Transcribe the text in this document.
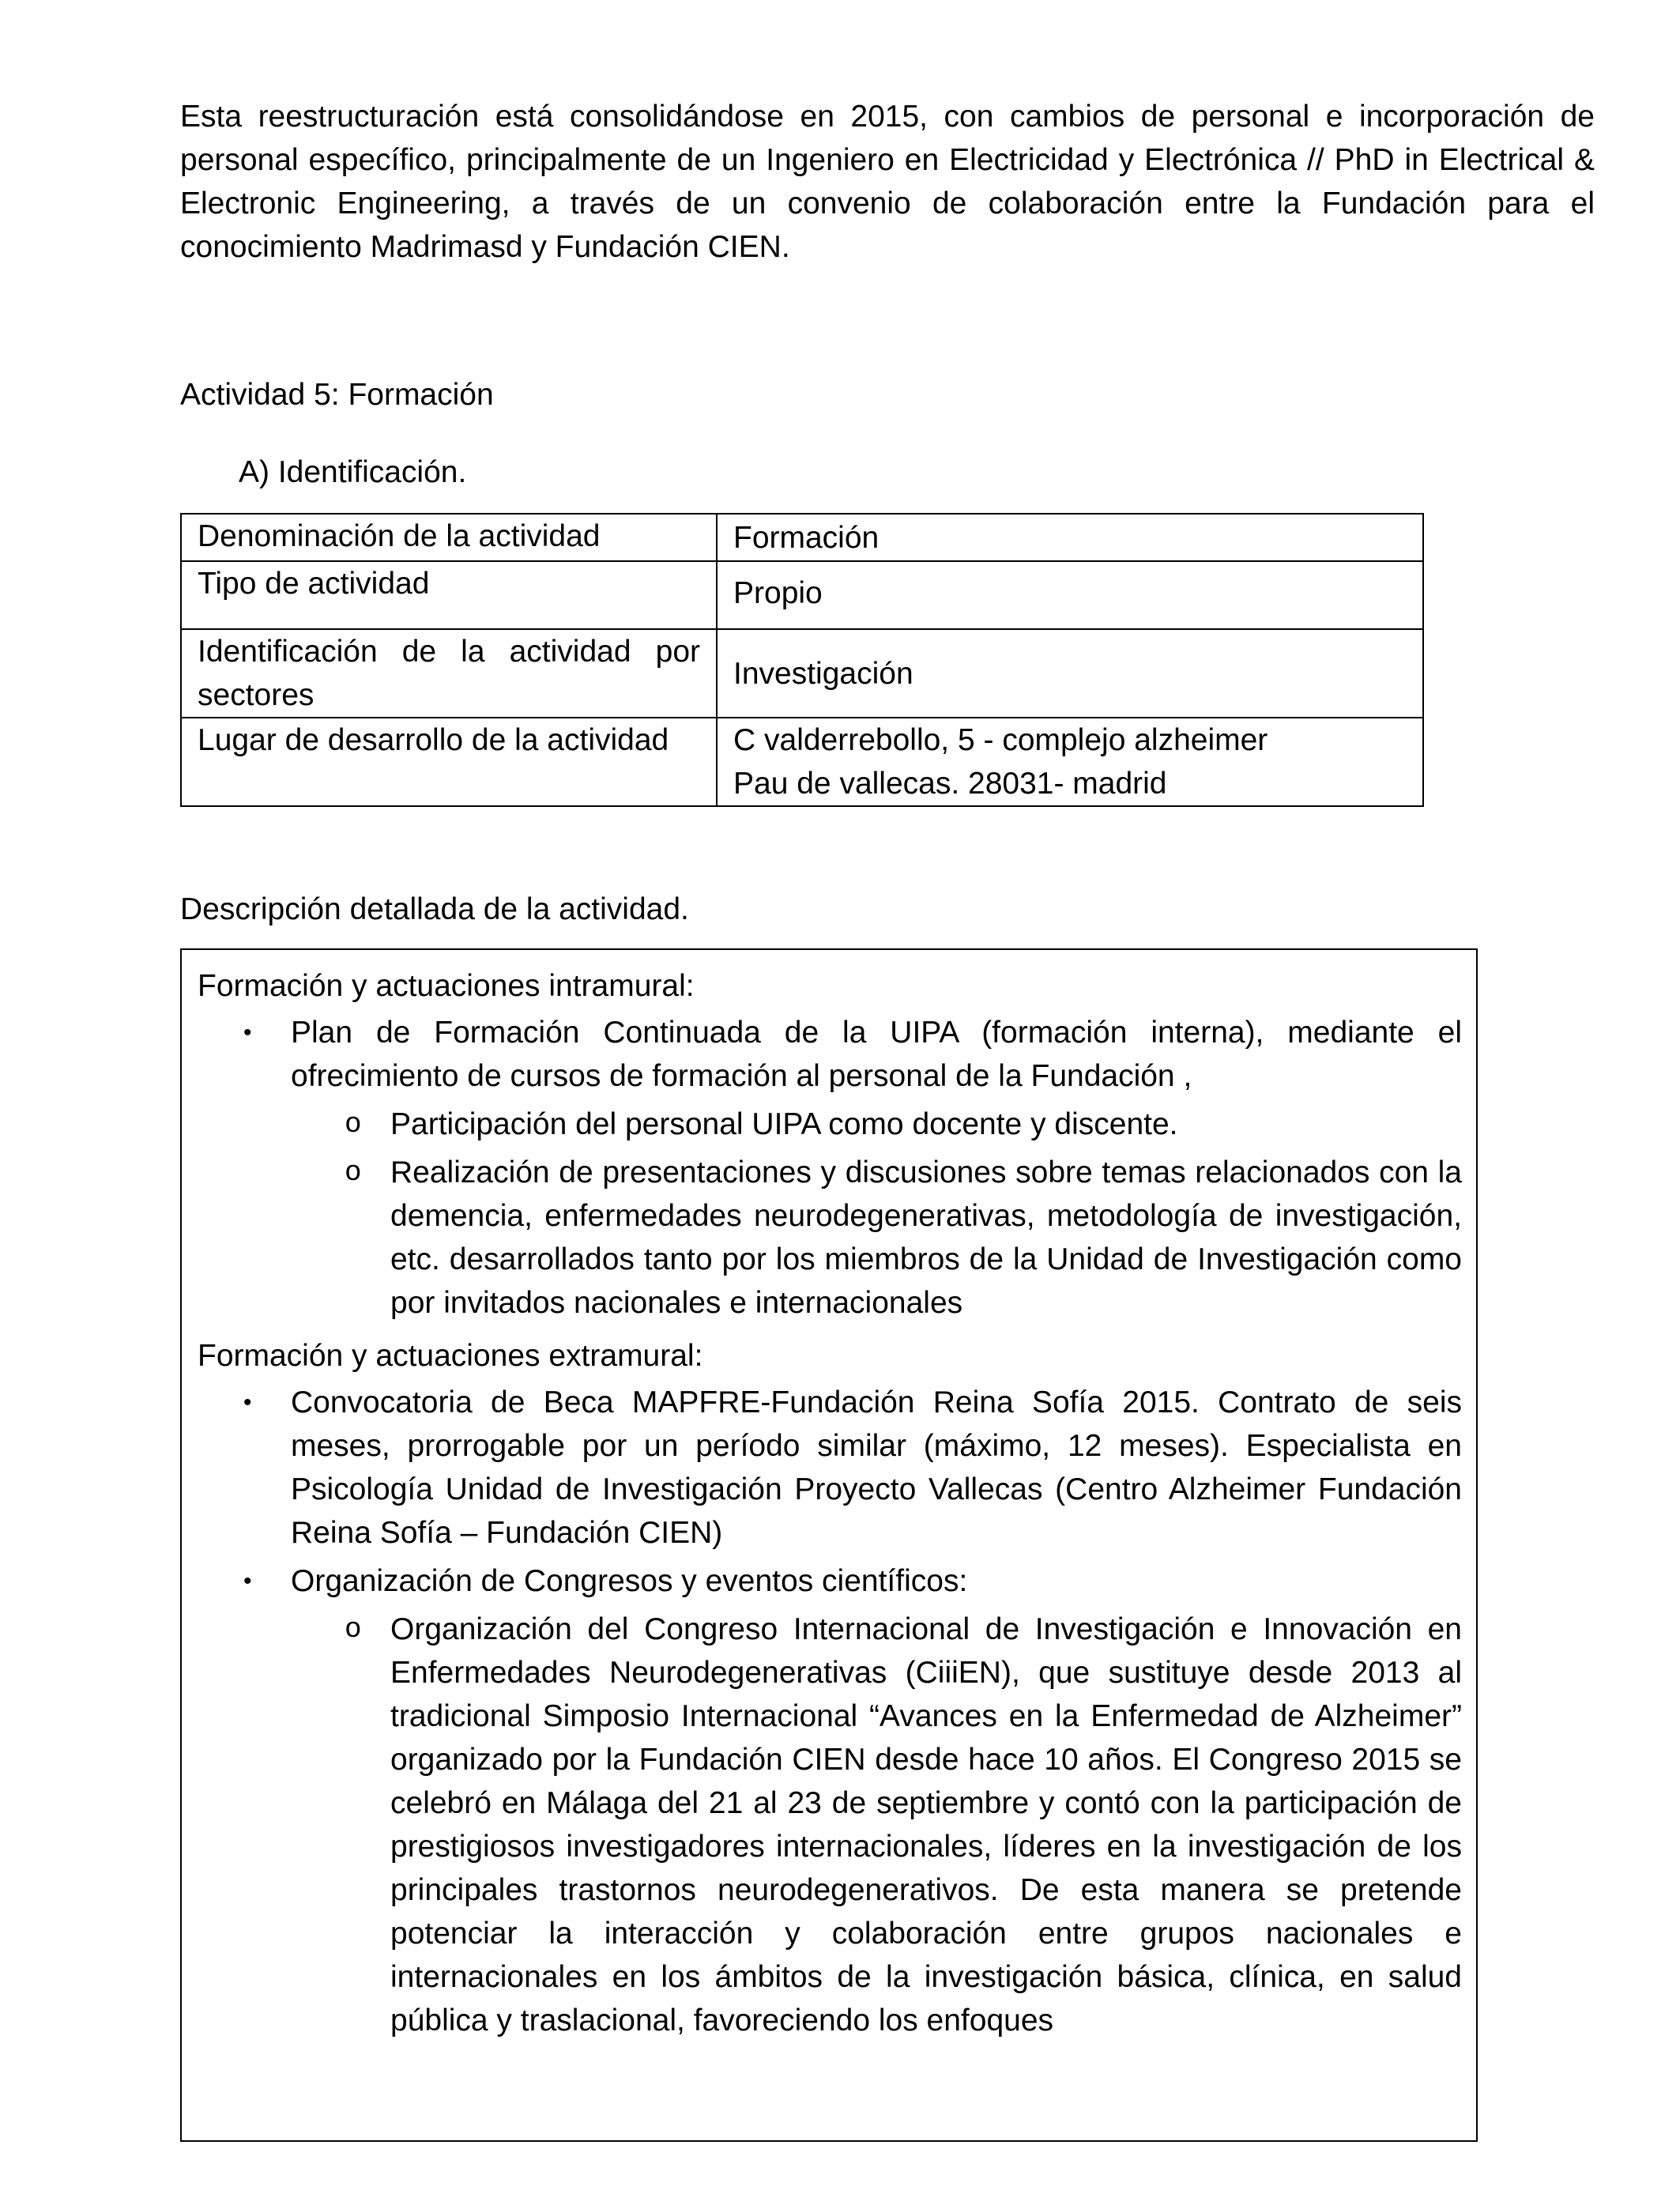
Esta reestructuración está consolidándose en 2015, con cambios de personal e incorporación de personal específico, principalmente de un Ingeniero en Electricidad y Electrónica // PhD in Electrical & Electronic Engineering, a través de un convenio de colaboración entre la Fundación para el conocimiento Madrimasd y Fundación CIEN.

Actividad 5: Formación

A) Identificación.

Denominación de la actividad	Formación
Tipo de actividad	Propio
Identificación de la actividad por sectores	Investigación
Lugar de desarrollo de la actividad	C valderrebollo, 5 - complejo alzheimer
Pau de vallecas. 28031- madrid

Descripción detallada de la actividad.

Formación y actuaciones intramural:

• Plan de Formación Continuada de la UIPA (formación interna), mediante el ofrecimiento de cursos de formación al personal de la Fundación ,
o Participación del personal UIPA como docente y discente.
o Realización de presentaciones y discusiones sobre temas relacionados con la demencia, enfermedades neurodegenerativas, metodología de investigación, etc. desarrollados tanto por los miembros de la Unidad de Investigación como por invitados nacionales e internacionales

Formación y actuaciones extramural:

• Convocatoria de Beca MAPFRE-Fundación Reina Sofía 2015. Contrato de seis meses, prorrogable por un período similar (máximo, 12 meses). Especialista en Psicología Unidad de Investigación Proyecto Vallecas (Centro Alzheimer Fundación Reina Sofía – Fundación CIEN)
• Organización de Congresos y eventos científicos:
o Organización del Congreso Internacional de Investigación e Innovación en Enfermedades Neurodegenerativas (CiiiEN), que sustituye desde 2013 al tradicional Simposio Internacional “Avances en la Enfermedad de Alzheimer” organizado por la Fundación CIEN desde hace 10 años. El Congreso 2015 se celebró en Málaga del 21 al 23 de septiembre y contó con la participación de prestigiosos investigadores internacionales, líderes en la investigación de los principales trastornos neurodegenerativos. De esta manera se pretende potenciar la interacción y colaboración entre grupos nacionales e internacionales en los ámbitos de la investigación básica, clínica, en salud pública y traslacional, favoreciendo los enfoques
